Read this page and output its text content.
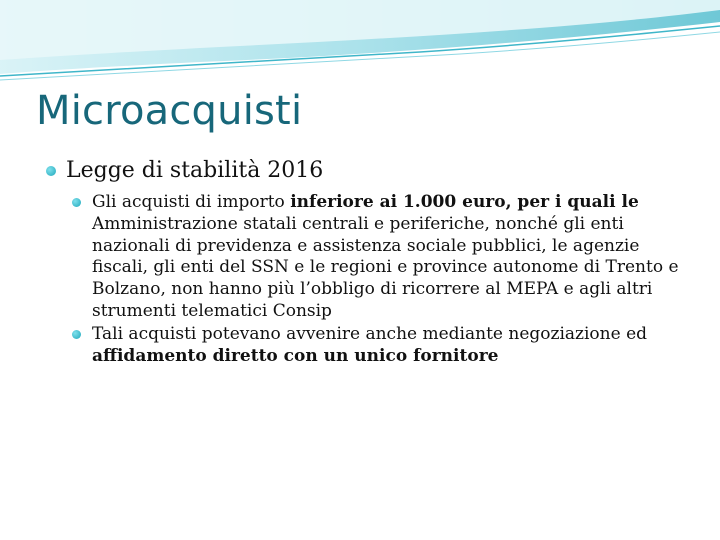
Microacquisti
Legge di stabilità 2016
Gli acquisti di importo inferiore ai 1.000 euro, per i quali le Amministrazione statali centrali e periferiche, nonché gli enti nazionali di previdenza e assistenza sociale pubblici, le agenzie fiscali, gli enti del SSN e le regioni e province autonome di Trento e Bolzano, non hanno più l’obbligo di ricorrere al MEPA e agli altri strumenti telematici Consip
Tali acquisti potevano avvenire anche mediante negoziazione ed affidamento diretto con un unico fornitore
